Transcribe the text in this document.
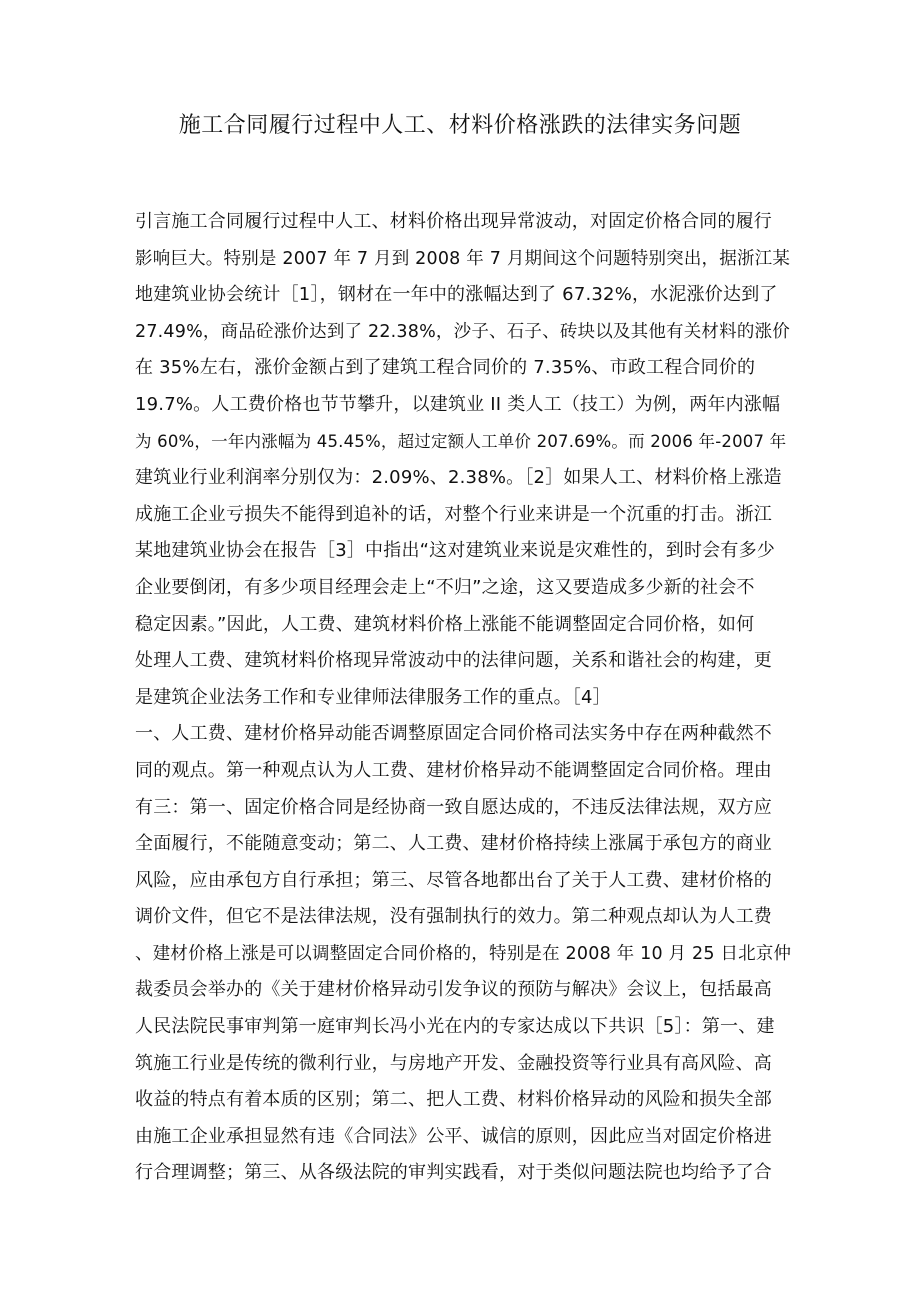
施工合同履行过程中人工、材料价格涨跌的法律实务问题
引言施工合同履行过程中人工、材料价格出现异常波动，对固定价格合同的履行
影响巨大。特别是 2007 年 7 月到 2008 年 7 月期间这个问题特别突出，据浙江某
地建筑业协会统计［1］，钢材在一年中的涨幅达到了 67.32%，水泥涨价达到了
27.49%，商品砼涨价达到了 22.38%，沙子、石子、砖块以及其他有关材料的涨价
在 35%左右，涨价金额占到了建筑工程合同价的 7.35%、市政工程合同价的
19.7%。人工费价格也节节攀升，以建筑业 II 类人工（技工）为例，两年内涨幅
为 60%，一年内涨幅为 45.45%，超过定额人工单价 207.69%。而 2006 年-2007 年
建筑业行业利润率分别仅为：2.09%、2.38%。［2］如果人工、材料价格上涨造
成施工企业亏损失不能得到追补的话，对整个行业来讲是一个沉重的打击。浙江
某地建筑业协会在报告［3］中指出“这对建筑业来说是灾难性的，到时会有多少
企业要倒闭，有多少项目经理会走上“不归”之途，这又要造成多少新的社会不
稳定因素。”因此，人工费、建筑材料价格上涨能不能调整固定合同价格，如何
处理人工费、建筑材料价格现异常波动中的法律问题，关系和谐社会的构建，更
是建筑企业法务工作和专业律师法律服务工作的重点。［4］
一、人工费、建材价格异动能否调整原固定合同价格司法实务中存在两种截然不
同的观点。第一种观点认为人工费、建材价格异动不能调整固定合同价格。理由
有三：第一、固定价格合同是经协商一致自愿达成的，不违反法律法规，双方应
全面履行，不能随意变动；第二、人工费、建材价格持续上涨属于承包方的商业
风险，应由承包方自行承担；第三、尽管各地都出台了关于人工费、建材价格的
调价文件，但它不是法律法规，没有强制执行的效力。第二种观点却认为人工费
、建材价格上涨是可以调整固定合同价格的，特别是在 2008 年 10 月 25 日北京仲
裁委员会举办的《关于建材价格异动引发争议的预防与解决》会议上，包括最高
人民法院民事审判第一庭审判长冯小光在内的专家达成以下共识［5］：第一、建
筑施工行业是传统的微利行业，与房地产开发、金融投资等行业具有高风险、高
收益的特点有着本质的区别；第二、把人工费、材料价格异动的风险和损失全部
由施工企业承担显然有违《合同法》公平、诚信的原则，因此应当对固定价格进
行合理调整；第三、从各级法院的审判实践看，对于类似问题法院也均给予了合
